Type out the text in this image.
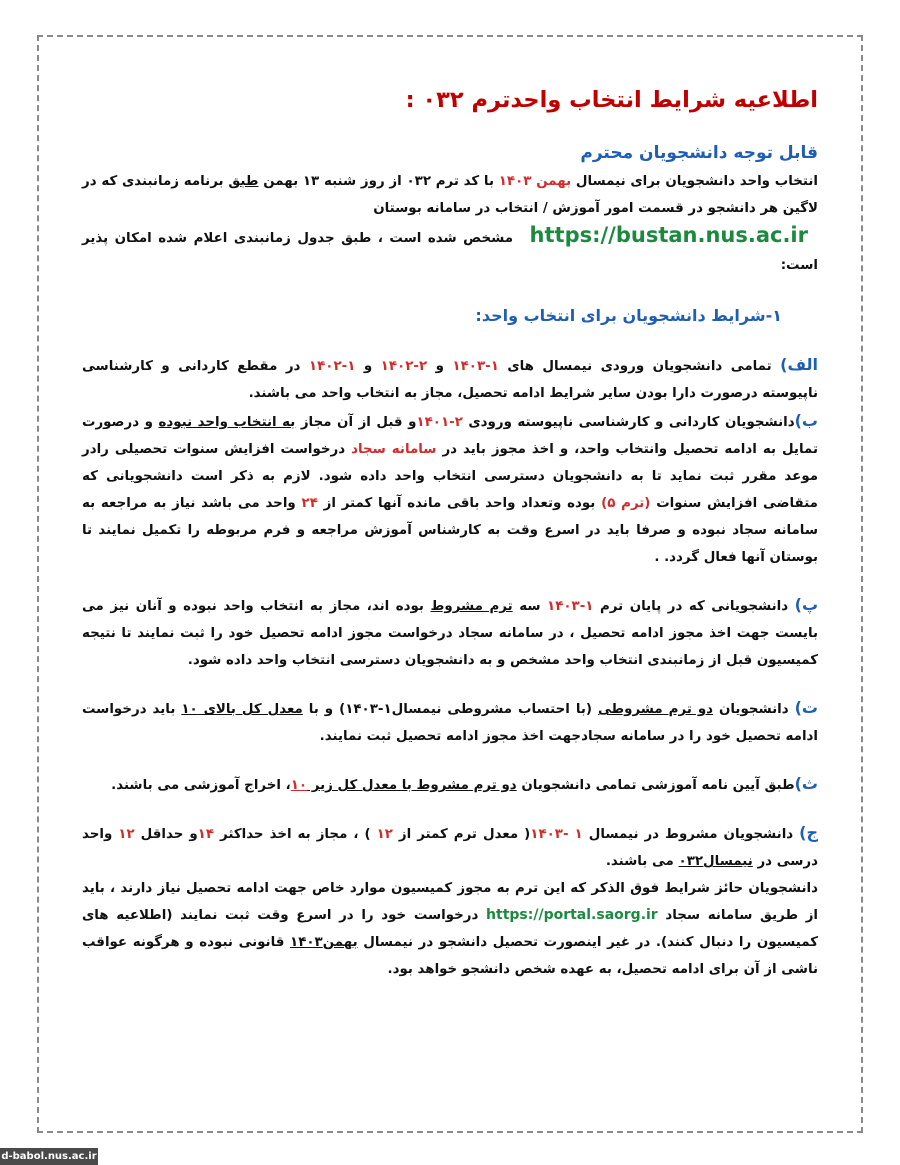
اطلاعیه شرایط انتخاب واحدترم ۰۳۲ :
قابل توجه دانشجویان محترم

انتخاب واحد دانشجویان برای نیمسال بهمن ۱۴۰۳ با کد ترم ۰۳۲ از روز شنبه ۱۳ بهمن طبق برنامه زمانبندی که در لاگین هر دانشجو در قسمت امور آموزش / انتخاب در سامانه بوستان
https://bustan.nus.ac.ir مشخص شده است ، طبق جدول زمانبندی اعلام شده امکان پذیر است:

۱-شرایط دانشجویان برای انتخاب واحد:

الف) تمامی دانشجویان ورودی نیمسال های ۱-۱۴۰۳ و ۲-۱۴۰۲ و ۱-۱۴۰۲ در مقطع کاردانی و کارشناسی ناپیوسته درصورت دارا بودن سایر شرایط ادامه تحصیل، مجاز به انتخاب واحد می باشند.

ب)دانشجویان کاردانی و کارشناسی ناپیوسته ورودی ۲-۱۴۰۱و قبل از آن مجاز به انتخاب واحد نبوده و درصورت تمایل به ادامه تحصیل وانتخاب واحد، و اخذ مجوز باید در سامانه سجاد درخواست افزایش سنوات تحصیلی رادر موعد مقرر ثبت نماید تا به دانشجویان دسترسی انتخاب واحد داده شود. لازم به ذکر است دانشجویانی که متقاضی افزایش سنوات (ترم ۵) بوده وتعداد واحد باقی مانده آنها کمتر از ۲۴ واحد می باشد نیاز به مراجعه به سامانه سجاد نبوده و صرفا باید در اسرع وقت به کارشناس آموزش مراجعه و فرم مربوطه را تکمیل نمایند تا بوستان آنها فعال گردد. .

پ) دانشجویانی که در پایان ترم ۱-۱۴۰۳ سه ترم مشروط بوده اند، مجاز به انتخاب واحد نبوده و آنان نیز می بایست جهت اخذ مجوز ادامه تحصیل ، در سامانه سجاد درخواست مجوز ادامه تحصیل خود را ثبت نمایند تا نتیجه کمیسیون قبل از زمانبندی انتخاب واحد مشخص و به دانشجویان دسترسی انتخاب واحد داده شود.

ت) دانشجویان دو ترم مشروطی (با احتساب مشروطی نیمسال۱-۱۴۰۳) و با معدل کل بالای ۱۰ باید درخواست ادامه تحصیل خود را در سامانه سجادجهت اخذ مجوز ادامه تحصیل ثبت نمایند.

ث)طبق آیین نامه آموزشی تمامی دانشجویان دو ترم مشروط با معدل کل زیر ۱۰، اخراج آموزشی می باشند.

ج) دانشجویان مشروط در نیمسال ۱ -۱۴۰۳( معدل ترم کمتر از ۱۲ ) ، مجاز به اخذ حداکثر ۱۴و حداقل ۱۲ واحد درسی در نیمسال۰۳۲ می باشند.

دانشجویان حائز شرایط فوق الذکر که این ترم به مجوز کمیسیون موارد خاص جهت ادامه تحصیل نیاز دارند ، باید از طریق سامانه سجاد https://portal.saorg.ir درخواست خود را در اسرع وقت ثبت نمایند (اطلاعیه های کمیسیون را دنبال کنند). در غیر اینصورت تحصیل دانشجو در نیمسال بهمن۱۴۰۳ قانونی نبوده و هرگونه عواقب ناشی از آن برای ادامه تحصیل، به عهده شخص دانشجو خواهد بود.

d-babol.nus.ac.ir
